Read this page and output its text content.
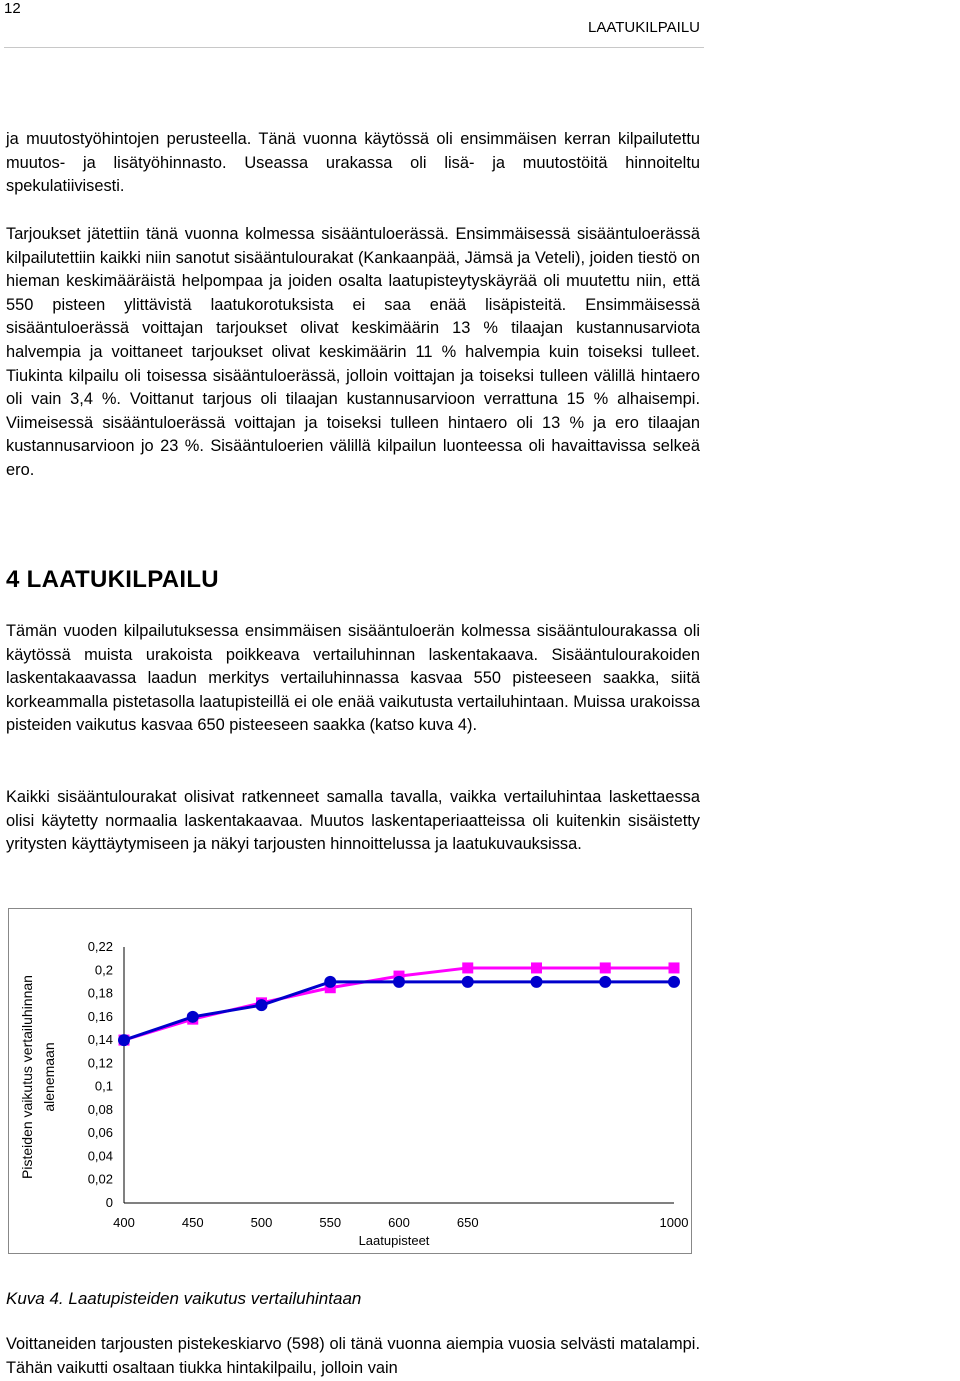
12
LAATUKILPAILU

ja muutostyöhintojen perusteella. Tänä vuonna käytössä oli ensimmäisen kerran kilpailutettu muutos- ja lisätyöhinnasto. Useassa urakassa oli lisä- ja muutostöitä hinnoiteltu spekulatiivisesti.

Tarjoukset jätettiin tänä vuonna kolmessa sisääntuloerässä. Ensimmäisessä sisääntuloerässä kilpailutettiin kaikki niin sanotut sisääntulourakat (Kankaanpää, Jämsä ja Veteli), joiden tiestö on hieman keskimääräistä helpompaa ja joiden osalta laatupisteytyskäyrää oli muutettu niin, että 550 pisteen ylittävistä laatukorotuksista ei saa enää lisäpisteitä. Ensimmäisessä sisääntuloerässä voittajan tarjoukset olivat keskimäärin 13 % tilaajan kustannusarviota halvempia ja voittaneet tarjoukset olivat keskimäärin 11 % halvempia kuin toiseksi tulleet. Tiukinta kilpailu oli toisessa sisääntuloerässä, jolloin voittajan ja toiseksi tulleen välillä hintaero oli vain 3,4 %. Voittanut tarjous oli tilaajan kustannusarvioon verrattuna 15 % alhaisempi. Viimeisessä sisääntuloerässä voittajan ja toiseksi tulleen hintaero oli 13 % ja ero tilaajan kustannusarvioon jo 23 %. Sisääntuloerien välillä kilpailun luonteessa oli havaittavissa selkeä ero.

4 LAATUKILPAILU

Tämän vuoden kilpailutuksessa ensimmäisen sisääntuloerän kolmessa sisääntulourakassa oli käytössä muista urakoista poikkeava vertailuhinnan laskentakaava. Sisääntulourakoiden laskentakaavassa laadun merkitys vertailuhinnassa kasvaa 550 pisteeseen saakka, siitä korkeammalla pistetasolla laatupisteillä ei ole enää vaikutusta vertailuhintaan. Muissa urakoissa pisteiden vaikutus kasvaa 650 pisteeseen saakka (katso kuva 4).

Kaikki sisääntulourakat olisivat ratkenneet samalla tavalla, vaikka vertailuhintaa laskettaessa olisi käytetty normaalia laskentakaavaa. Muutos laskentaperiaatteissa oli kuitenkin sisäistetty yritysten käyttäytymiseen ja näkyi tarjousten hinnoittelussa ja laatukuvauksissa.

0
0,02
0,04
0,06
0,08
0,1
0,12
0,14
0,16
0,18
0,2
0,22
400	450	500	550	600	650	1000
Laatupisteet
Pisteiden vaikutus vertailuhinnan alenemaan

Kuva 4. Laatupisteiden vaikutus vertailuhintaan

Voittaneiden tarjousten pistekeskiarvo (598) oli tänä vuonna aiempia vuosia selvästi matalampi. Tähän vaikutti osaltaan tiukka hintakilpailu, jolloin vain
